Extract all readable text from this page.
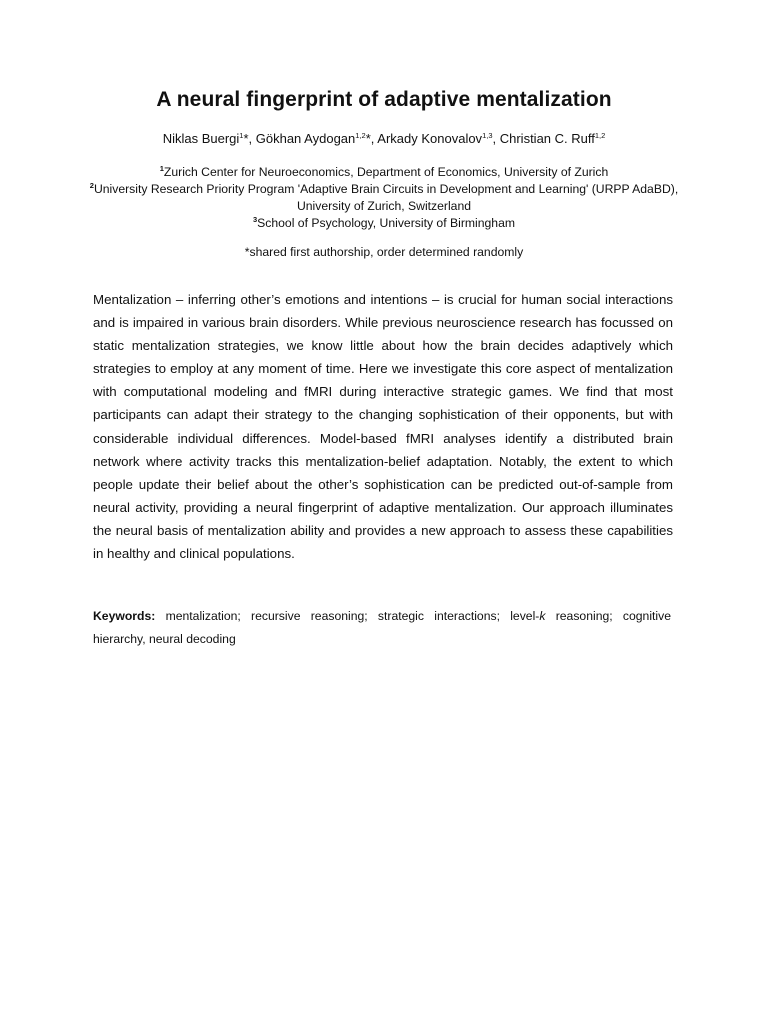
A neural fingerprint of adaptive mentalization
Niklas Buergi$^1$*, Gökhan Aydogan$^{1,2}$*, Arkady Konovalov$^{1,3}$, Christian C. Ruff$^{1,2}$
$^1$Zurich Center for Neuroeconomics, Department of Economics, University of Zurich
$^2$University Research Priority Program 'Adaptive Brain Circuits in Development and Learning' (URPP AdaBD), University of Zurich, Switzerland
$^3$School of Psychology, University of Birmingham
*shared first authorship, order determined randomly

Mentalization – inferring other’s emotions and intentions – is crucial for human social interactions and is impaired in various brain disorders. While previous neuroscience research has focussed on static mentalization strategies, we know little about how the brain decides adaptively which strategies to employ at any moment of time. Here we investigate this core aspect of mentalization with computational modeling and fMRI during interactive strategic games. We find that most participants can adapt their strategy to the changing sophistication of their opponents, but with considerable individual differences. Model-based fMRI analyses identify a distributed brain network where activity tracks this mentalization-belief adaptation. Notably, the extent to which people update their belief about the other’s sophistication can be predicted out-of-sample from neural activity, providing a neural fingerprint of adaptive mentalization. Our approach illuminates the neural basis of mentalization ability and provides a new approach to assess these capabilities in healthy and clinical populations.

Keywords: mentalization; recursive reasoning; strategic interactions; level-k reasoning; cognitive hierarchy, neural decoding
